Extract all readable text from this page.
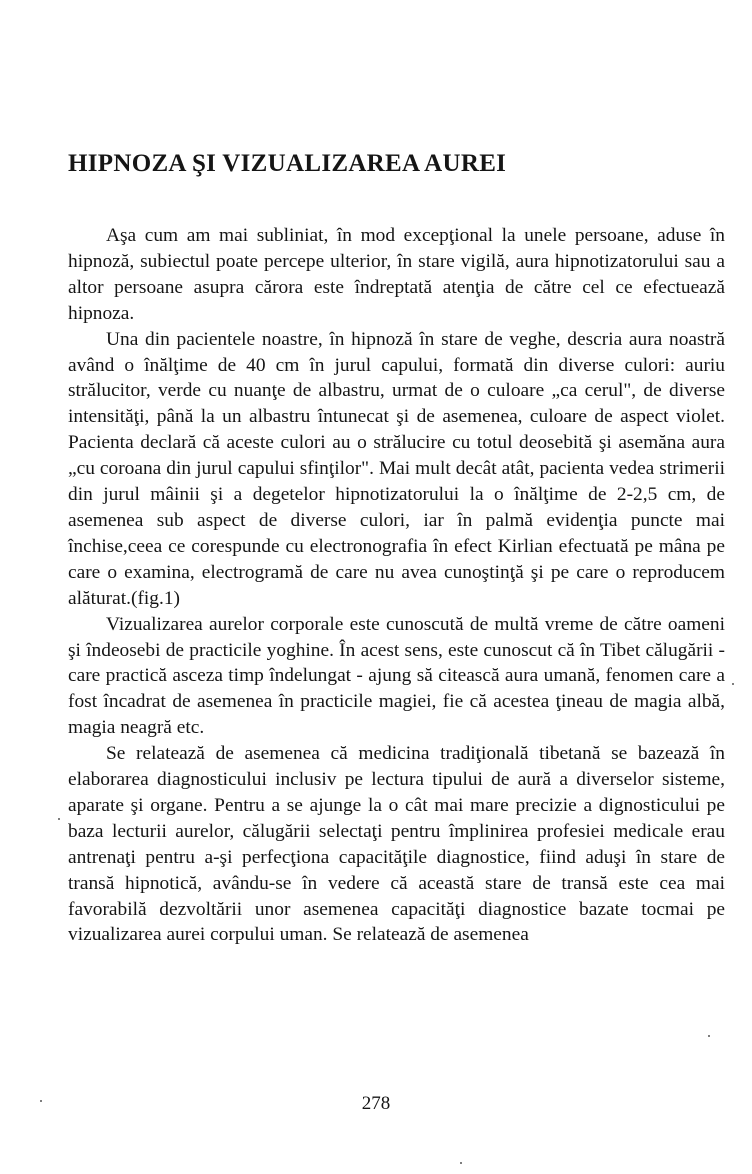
HIPNOZA ŞI VIZUALIZAREA AUREI

Aşa cum am mai subliniat, în mod excepţional la unele persoane, aduse în hipnoză, subiectul poate percepe ulterior, în stare vigilă, aura hipnotizatorului sau a altor persoane asupra cărora este îndreptată atenţia de către cel ce efectuează hipnoza.

Una din pacientele noastre, în hipnoză în stare de veghe, descria aura noastră având o înălţime de 40 cm în jurul capului, formată din diverse culori: auriu strălucitor, verde cu nuanţe de albastru, urmat de o culoare „ca cerul", de diverse intensităţi, până la un albastru întunecat şi de asemenea, culoare de aspect violet. Pacienta declară că aceste culori au o strălucire cu totul deosebită şi asemăna aura „cu coroana din jurul capului sfinţilor". Mai mult decât atât, pacienta vedea strimerii din jurul mâinii şi a degetelor hipnotizatorului la o înălţime de 2-2,5 cm, de asemenea sub aspect de diverse culori, iar în palmă evidenţia puncte mai închise,ceea ce corespunde cu electronografia în efect Kirlian efectuată pe mâna pe care o examina, electrogramă de care nu avea cunoştinţă şi pe care o reproducem alăturat.(fig.1)

Vizualizarea aurelor corporale este cunoscută de multă vreme de către oameni şi îndeosebi de practicile yoghine. În acest sens, este cunoscut că în Tibet călugării - care practică asceza timp îndelungat - ajung să citească aura umană, fenomen care a fost încadrat de asemenea în practicile magiei, fie că acestea ţineau de magia albă, magia neagră etc.

Se relatează de asemenea că medicina tradiţională tibetană se bazează în elaborarea diagnosticului inclusiv pe lectura tipului de aură a diverselor sisteme, aparate şi organe. Pentru a se ajunge la o cât mai mare precizie a dignosticului pe baza lecturii aurelor, călugării selectaţi pentru împlinirea profesiei medicale erau antrenaţi pentru a-şi perfecţiona capacităţile diagnostice, fiind aduşi în stare de transă hipnotică, avându-se în vedere că această stare de transă este cea mai favorabilă dezvoltării unor asemenea capacităţi diagnostice bazate tocmai pe vizualizarea aurei corpului uman. Se relatează de asemenea

278
